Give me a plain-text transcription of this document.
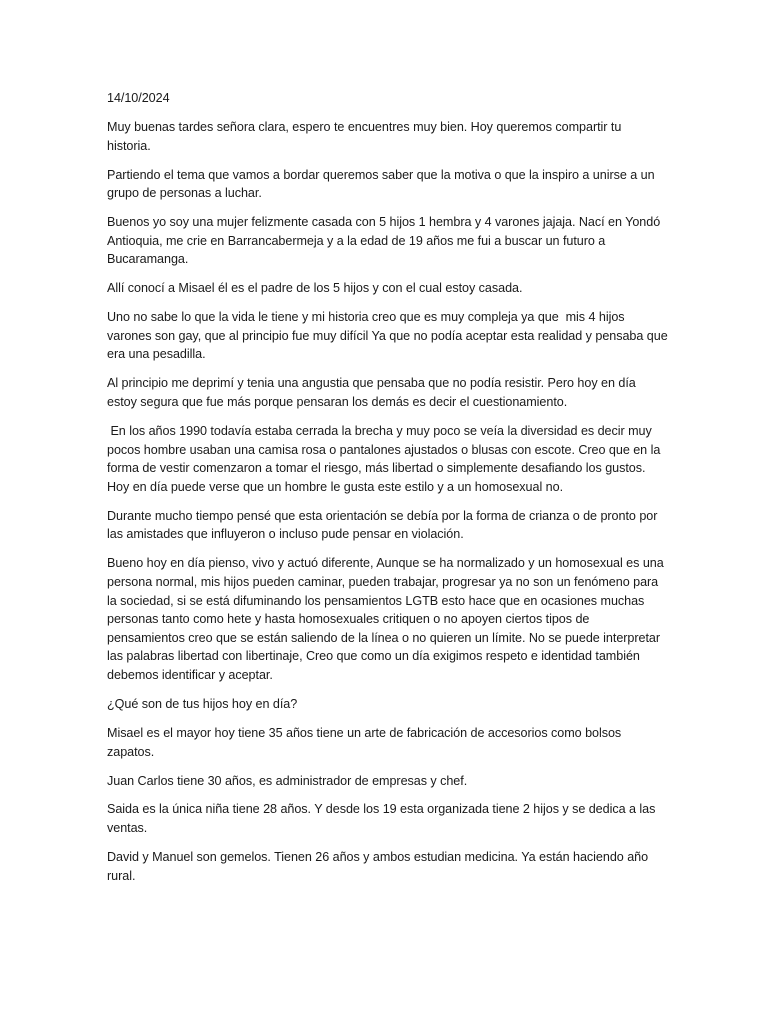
14/10/2024

Muy buenas tardes señora clara, espero te encuentres muy bien. Hoy queremos compartir tu historia.

Partiendo el tema que vamos a bordar queremos saber que la motiva o que la inspiro a unirse a un grupo de personas a luchar.

Buenos yo soy una mujer felizmente casada con 5 hijos 1 hembra y 4 varones jajaja. Nací en Yondó Antioquia, me crie en Barrancabermeja y a la edad de 19 años me fui a buscar un futuro a Bucaramanga.

Allí conocí a Misael él es el padre de los 5 hijos y con el cual estoy casada.

Uno no sabe lo que la vida le tiene y mi historia creo que es muy compleja ya que  mis 4 hijos varones son gay, que al principio fue muy difícil Ya que no podía aceptar esta realidad y pensaba que era una pesadilla.

Al principio me deprimí y tenia una angustia que pensaba que no podía resistir. Pero hoy en día estoy segura que fue más porque pensaran los demás es decir el cuestionamiento.

En los años 1990 todavía estaba cerrada la brecha y muy poco se veía la diversidad es decir muy pocos hombre usaban una camisa rosa o pantalones ajustados o blusas con escote. Creo que en la forma de vestir comenzaron a tomar el riesgo, más libertad o simplemente desafiando los gustos. Hoy en día puede verse que un hombre le gusta este estilo y a un homosexual no.

Durante mucho tiempo pensé que esta orientación se debía por la forma de crianza o de pronto por las amistades que influyeron o incluso pude pensar en violación.

Bueno hoy en día pienso, vivo y actuó diferente, Aunque se ha normalizado y un homosexual es una persona normal, mis hijos pueden caminar, pueden trabajar, progresar ya no son un fenómeno para la sociedad, si se está difuminando los pensamientos LGTB esto hace que en ocasiones muchas personas tanto como hete y hasta homosexuales critiquen o no apoyen ciertos tipos de pensamientos creo que se están saliendo de la línea o no quieren un límite. No se puede interpretar las palabras libertad con libertinaje, Creo que como un día exigimos respeto e identidad también debemos identificar y aceptar.

¿Qué son de tus hijos hoy en día?

Misael es el mayor hoy tiene 35 años tiene un arte de fabricación de accesorios como bolsos zapatos.

Juan Carlos tiene 30 años, es administrador de empresas y chef.

Saida es la única niña tiene 28 años. Y desde los 19 esta organizada tiene 2 hijos y se dedica a las ventas.

David y Manuel son gemelos. Tienen 26 años y ambos estudian medicina. Ya están haciendo año rural.
